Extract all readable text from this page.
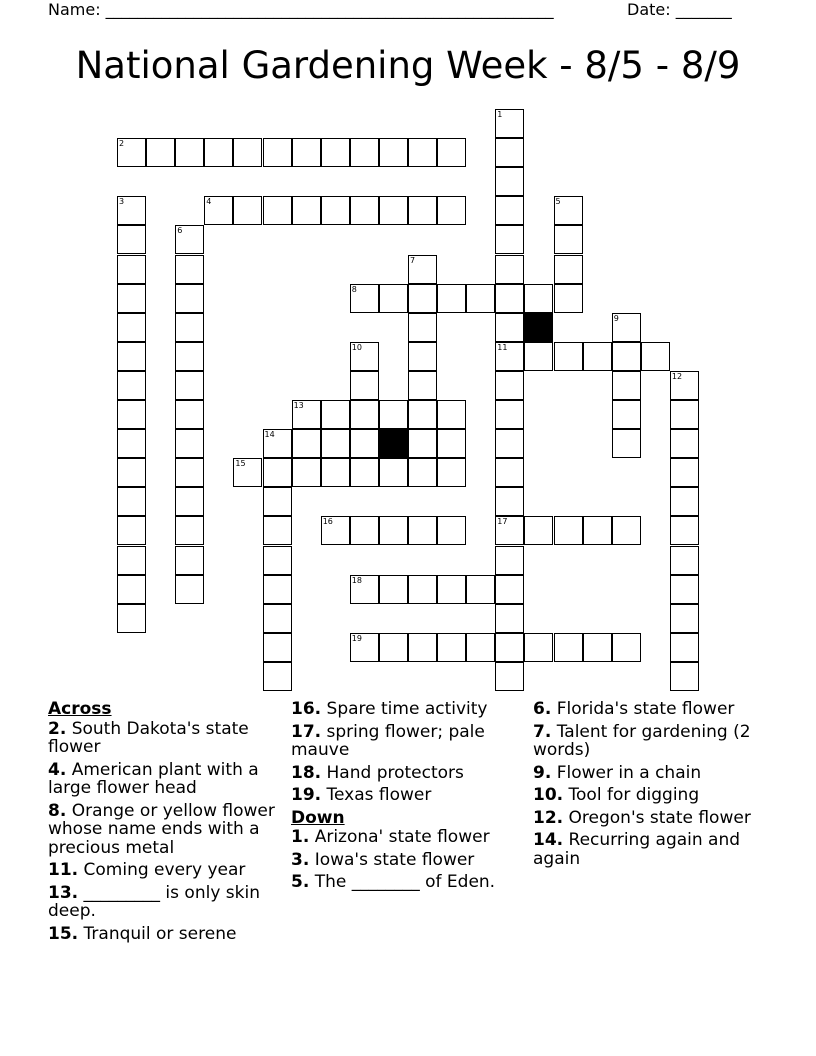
Name: ________________________________________________________	Date: _______
National Gardening Week - 8/5 - 8/9
2
4
8
11
13
14
15
16	17
18
19
1
3	5
6
7
9
10
12
Across
2. South Dakota's state flower
4. American plant with a large flower head
8. Orange or yellow flower whose name ends with a precious metal
11. Coming every year
13. _________ is only skin deep.
15. Tranquil or serene
16. Spare time activity
17. spring flower; pale mauve
18. Hand protectors
19. Texas flower
Down
1. Arizona' state flower
3. Iowa's state flower
5. The ________ of Eden.
6. Florida's state flower
7. Talent for gardening (2 words)
9. Flower in a chain
10. Tool for digging
12. Oregon's state flower
14. Recurring again and again
